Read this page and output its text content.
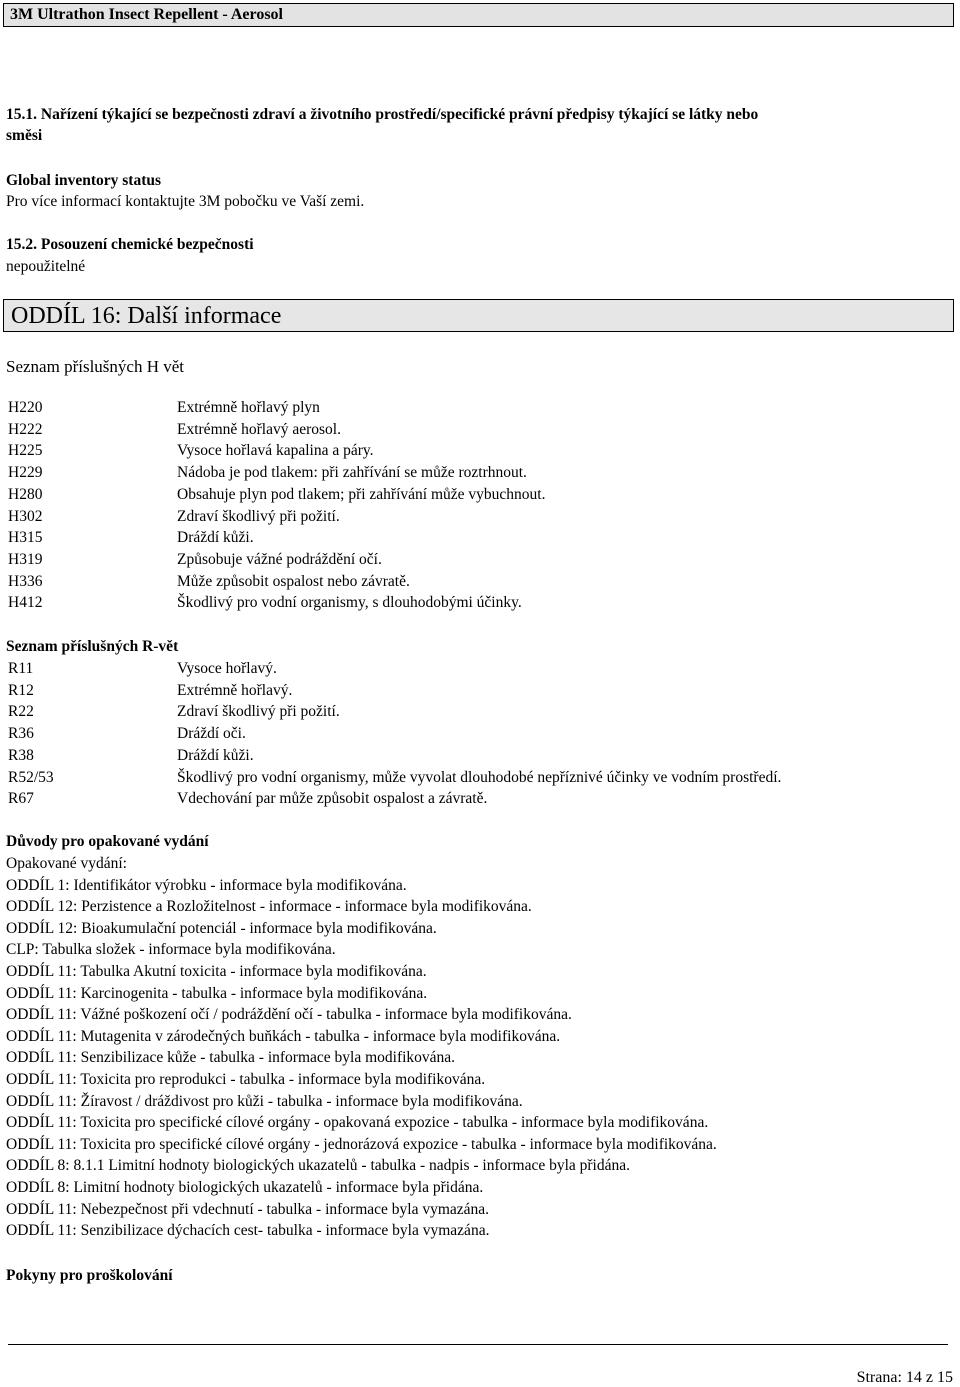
3M Ultrathon Insect Repellent - Aerosol
15.1. Nařízení týkající se bezpečnosti zdraví a životního prostředí/specifické právní předpisy týkající se látky nebo
směsi
Global inventory status
Pro více informací kontaktujte 3M pobočku ve Vaší zemi.
15.2. Posouzení chemické bezpečnosti
nepoužitelné
ODDÍL 16: Další informace
Seznam příslušných H vět
H220	Extrémně hořlavý plyn
H222	Extrémně hořlavý aerosol.
H225	Vysoce hořlavá kapalina a páry.
H229	Nádoba je pod tlakem: při zahřívání se může roztrhnout.
H280	Obsahuje plyn pod tlakem; při zahřívání může vybuchnout.
H302	Zdraví škodlivý při požití.
H315	Dráždí kůži.
H319	Způsobuje vážné podráždění očí.
H336	Může způsobit ospalost nebo závratě.
H412	Škodlivý pro vodní organismy, s dlouhodobými účinky.
Seznam příslušných R-vět
R11	Vysoce hořlavý.
R12	Extrémně hořlavý.
R22	Zdraví škodlivý při požití.
R36	Dráždí oči.
R38	Dráždí kůži.
R52/53	Škodlivý pro vodní organismy, může vyvolat dlouhodobé nepříznivé účinky ve vodním prostředí.
R67	Vdechování par může způsobit ospalost a závratě.
Důvody pro opakované vydání
Opakované vydání:
ODDÍL 1: Identifikátor výrobku - informace byla modifikována.
ODDÍL 12: Perzistence a Rozložitelnost - informace - informace byla modifikována.
ODDÍL 12: Bioakumulační potenciál - informace byla modifikována.
CLP: Tabulka složek - informace byla modifikována.
ODDÍL 11: Tabulka Akutní toxicita - informace byla modifikována.
ODDÍL 11: Karcinogenita - tabulka - informace byla modifikována.
ODDÍL 11: Vážné poškození očí / podráždění očí - tabulka - informace byla modifikována.
ODDÍL 11: Mutagenita v zárodečných buňkách - tabulka - informace byla modifikována.
ODDÍL 11: Senzibilizace kůže - tabulka - informace byla modifikována.
ODDÍL 11: Toxicita pro reprodukci - tabulka - informace byla modifikována.
ODDÍL 11: Žíravost / dráždivost pro kůži - tabulka - informace byla modifikována.
ODDÍL 11: Toxicita pro specifické cílové orgány - opakovaná expozice - tabulka - informace byla modifikována.
ODDÍL 11: Toxicita pro specifické cílové orgány - jednorázová expozice - tabulka - informace byla modifikována.
ODDÍL 8: 8.1.1 Limitní hodnoty biologických ukazatelů - tabulka - nadpis - informace byla přidána.
ODDÍL 8: Limitní hodnoty biologických ukazatelů - informace byla přidána.
ODDÍL 11: Nebezpečnost při vdechnutí - tabulka - informace byla vymazána.
ODDÍL 11: Senzibilizace dýchacích cest- tabulka - informace byla vymazána.
Pokyny pro proškolování
Strana: 14 z 15
